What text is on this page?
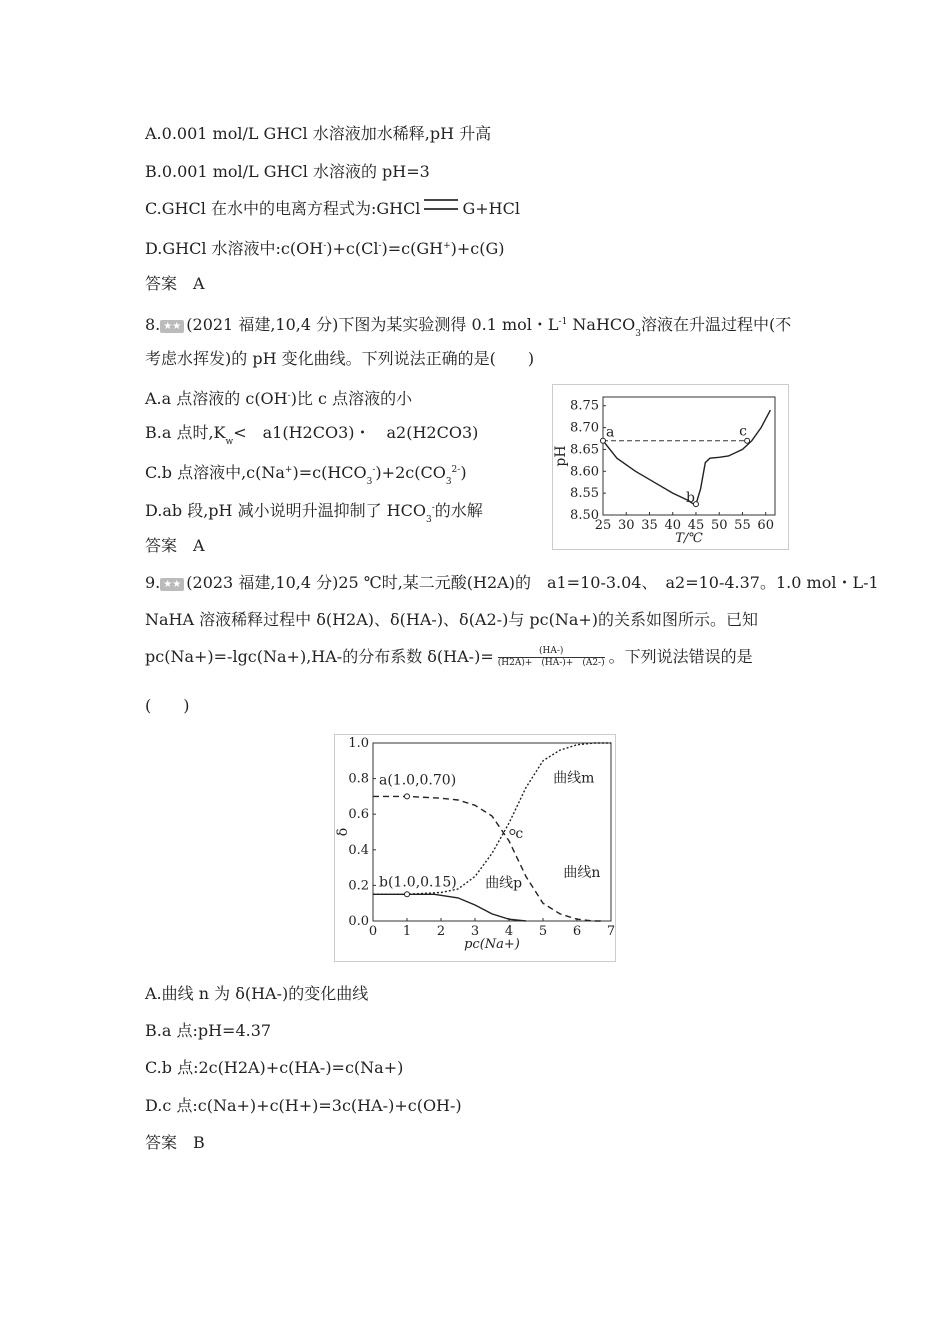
A.0.001 mol/L GHCl 水溶液加水稀释,pH 升高
B.0.001 mol/L GHCl 水溶液的 pH=3
C.GHCl 在水中的电离方程式为:GHCl	G+HCl
D.GHCl 水溶液中:c(OH-)+c(Cl-)=c(GH+)+c(G)
答案　A
8. ★★ (2021 福建,10,4 分)下图为某实验测得 0.1 mol・$L^{-1}$ NaHCO$_3$溶液在升温过程中(不
考虑水挥发)的 pH 变化曲线。下列说法正确的是(　　)
A.a 点溶液的 c(OH-)比 c 点溶液的小
B.a 点时$,K_w<$　a1(H2CO3)・　a2(H2CO3)
C.b 点溶液中$,c(Na^+)=c(HCO_3^-)+2c(CO_3^{2-})$
D.ab 段,pH 减小说明升温抑制了 $HCO_3^-$的水解
答案　A
25 30 35 40 45 50 55 60
8.50
8.55
8.60
8.65
8.70
8.75
T/℃
pH
a
b
c
9. ★★ (2023 福建,10,4 分)25 ℃时,某二元酸(H2A)的　a1=10-3.04、　a2=10-4.37。1.0 mol・L-1
NaHA 溶液稀释过程中 δ(H2A)、δ(HA-)、δ(A2-)与 pc(Na+)的关系如图所示。已知
pc(Na+)=-lgc(Na+),HA-的分布系数 $\delta(HA-)= \frac{(HA-)}{(H2A)+ (HA-)+ (A2-)}$ 。下列说法错误的是
(　　)
0 1 2 3 4 5 6 7
0.0
0.2
0.4
0.6
0.8
1.0
pc(Na+)
δ
a(1.0,0.70)
b(1.0,0.15)
c
曲线m
曲线n
曲线p
A.曲线 n 为 δ(HA-)的变化曲线
B.a 点:pH=4.37
C.b 点:2c(H2A)+c(HA-)=c(Na+)
D.c 点:c(Na+)+c(H+)=3c(HA-)+c(OH-)
答案　B
